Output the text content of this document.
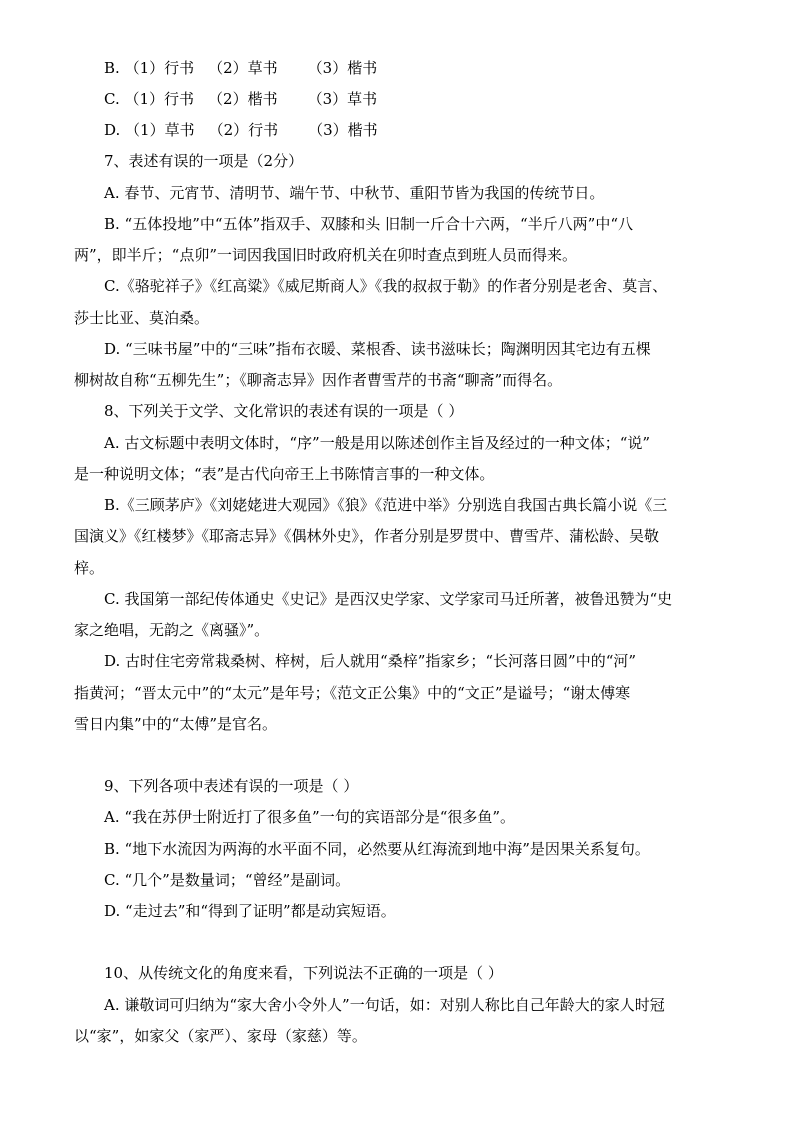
B. （1）行书 （2）草书 （3）楷书
C. （1）行书 （2）楷书 （3）草书
D. （1）草书 （2）行书 （3）楷书
7、表述有误的一项是（2分）
A. 春节、元宵节、清明节、端午节、中秋节、重阳节皆为我国的传统节日。
B. “五体投地”中“五体”指双手、双膝和头 旧制一斤合十六两，“半斤八两”中“八
两”，即半斤；“点卯”一词因我国旧时政府机关在卯时查点到班人员而得来。
C.《骆驼祥子》《红高粱》《威尼斯商人》《我的叔叔于勒》的作者分别是老舍、莫言、
莎士比亚、莫泊桑。
D. “三味书屋”中的“三味”指布衣暖、菜根香、读书滋味长；陶渊明因其宅边有五棵
柳树故自称“五柳先生”；《聊斋志异》因作者曹雪芹的书斋“聊斋”而得名。
8、下列关于文学、文化常识的表述有误的一项是（ ）
A. 古文标题中表明文体时，“序”一般是用以陈述创作主旨及经过的一种文体；“说”
是一种说明文体；“表”是古代向帝王上书陈情言事的一种文体。
B.《三顾茅庐》《刘姥姥进大观园》《狼》《范进中举》分别选自我国古典长篇小说《三
国演义》《红楼梦》《耶斋志异》《偶林外史》，作者分别是罗贯中、曹雪芹、蒲松龄、吴敬
梓。
C. 我国第一部纪传体通史《史记》是西汉史学家、文学家司马迁所著，被鲁迅赞为“史
家之绝唱，无韵之《离骚》”。
D. 古时住宅旁常栽桑树、梓树，后人就用“桑梓”指家乡；“长河落日圆”中的“河”
指黄河；“晋太元中”的“太元”是年号；《范文正公集》中的“文正”是谥号；“谢太傅寒
雪日内集”中的“太傅”是官名。
9、下列各项中表述有误的一项是（ ）
A. “我在苏伊士附近打了很多鱼”一句的宾语部分是“很多鱼”。
B. “地下水流因为两海的水平面不同，必然要从红海流到地中海”是因果关系复句。
C. “几个”是数量词；“曾经”是副词。
D. “走过去”和“得到了证明”都是动宾短语。
10、从传统文化的角度来看，下列说法不正确的一项是（ ）
A. 谦敬词可归纳为“家大舍小令外人”一句话，如：对别人称比自己年龄大的家人时冠
以“家”，如家父（家严）、家母（家慈）等。
